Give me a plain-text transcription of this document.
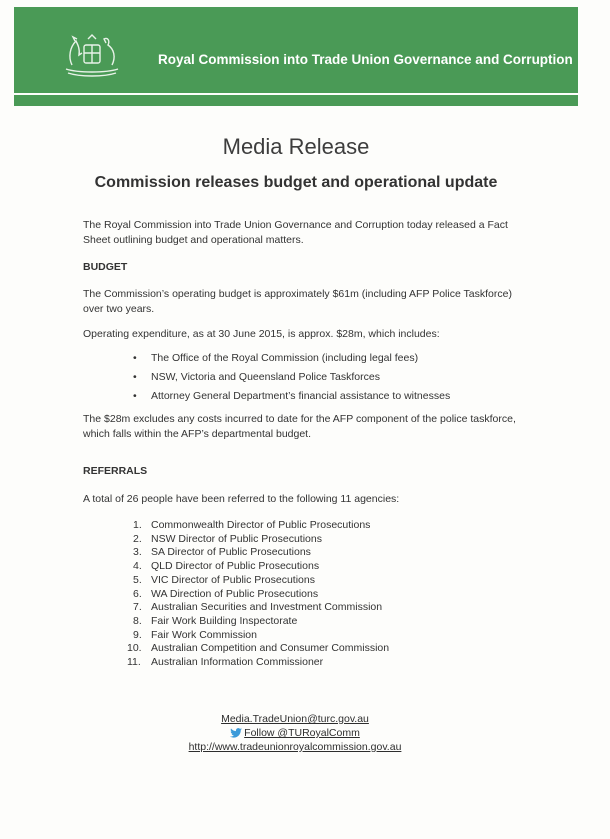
Royal Commission into Trade Union Governance and Corruption
Media Release
Commission releases budget and operational update

The Royal Commission into Trade Union Governance and Corruption today released a Fact Sheet outlining budget and operational matters.

BUDGET

The Commission’s operating budget is approximately $61m (including AFP Police Taskforce) over two years.

Operating expenditure, as at 30 June 2015, is approx. $28m, which includes:

• The Office of the Royal Commission (including legal fees)
• NSW, Victoria and Queensland Police Taskforces
• Attorney General Department’s financial assistance to witnesses

The $28m excludes any costs incurred to date for the AFP component of the police taskforce, which falls within the AFP’s departmental budget.

REFERRALS

A total of 26 people have been referred to the following 11 agencies:

1. Commonwealth Director of Public Prosecutions
2. NSW Director of Public Prosecutions
3. SA Director of Public Prosecutions
4. QLD Director of Public Prosecutions
5. VIC Director of Public Prosecutions
6. WA Direction of Public Prosecutions
7. Australian Securities and Investment Commission
8. Fair Work Building Inspectorate
9. Fair Work Commission
10. Australian Competition and Consumer Commission
11. Australian Information Commissioner
Media.TradeUnion@turc.gov.au
Follow @TURoyalComm
http://www.tradeunionroyalcommission.gov.au
